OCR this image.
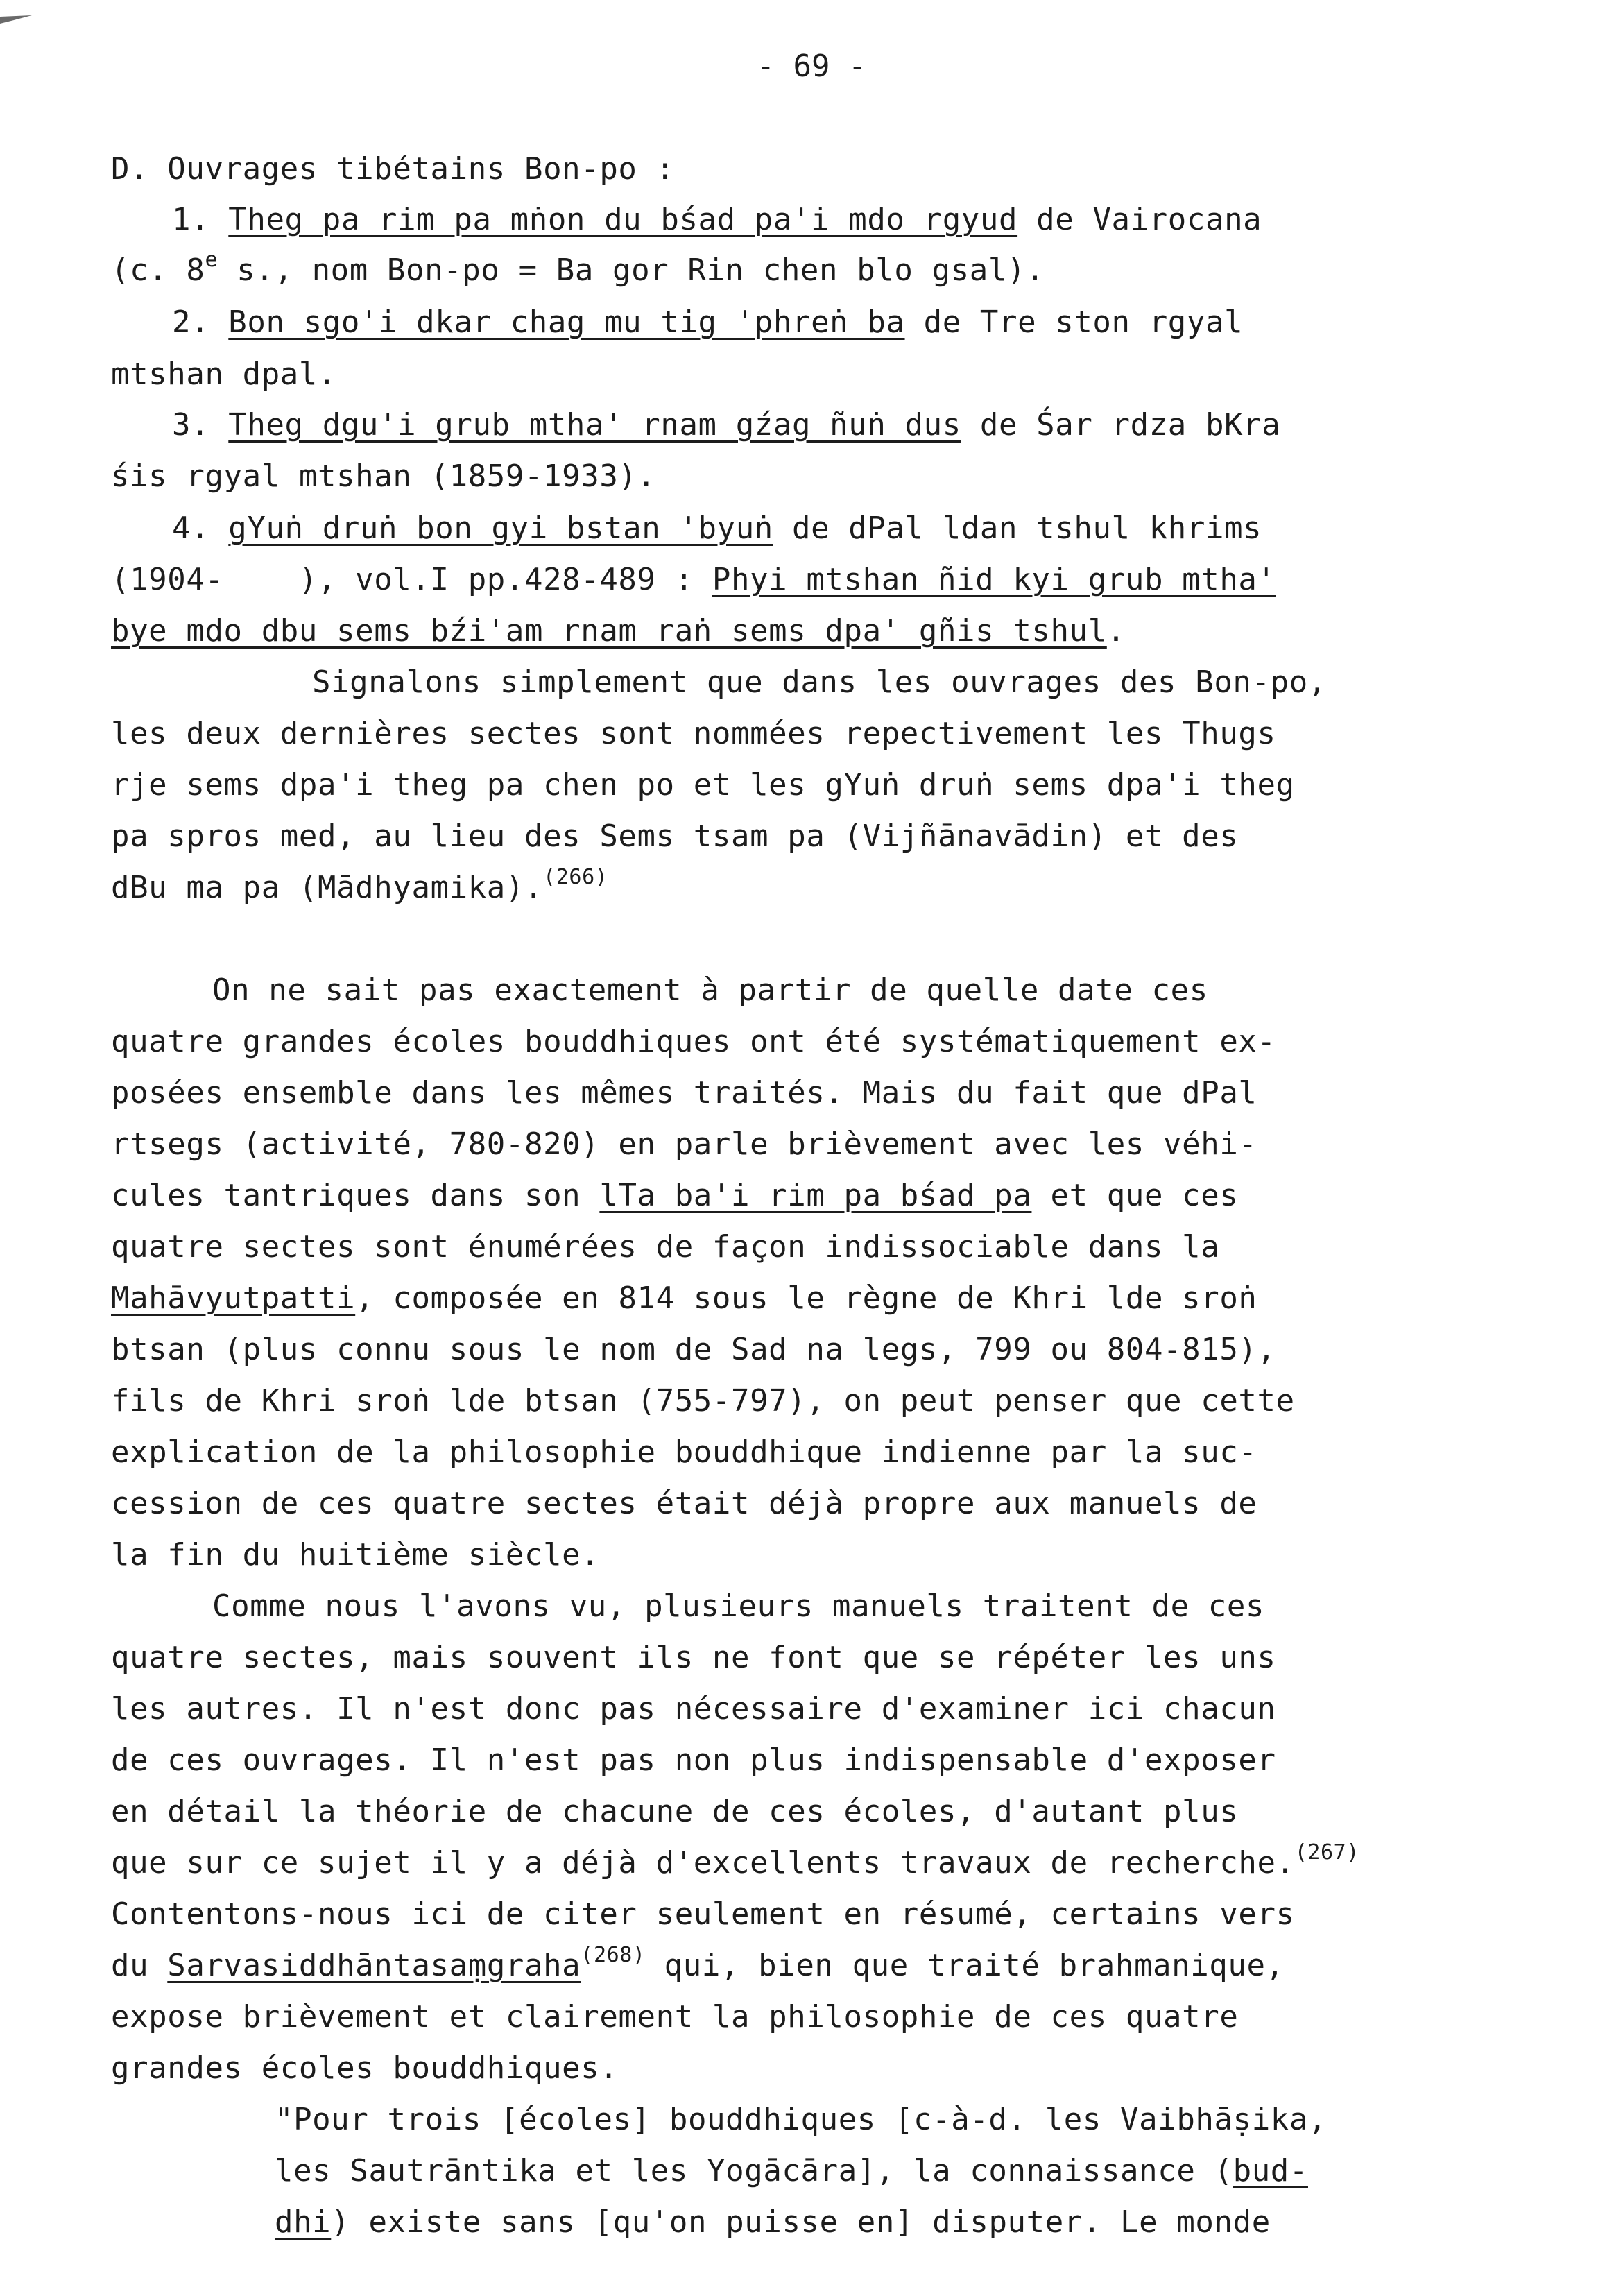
- 69 -
D. Ouvrages tibétains Bon-po :
1. Theg pa rim pa mṅon du bśad pa'i mdo rgyud de Vairocana
(c. 8e s., nom Bon-po = Ba gor Rin chen blo gsal).
2. Bon sgo'i dkar chag mu tig 'phreṅ ba de Tre ston rgyal
mtshan dpal.
3. Theg dgu'i grub mtha' rnam gźag ñuṅ dus de Śar rdza bKra
śis rgyal mtshan (1859-1933).
4. gYuṅ druṅ bon gyi bstan 'byuṅ de dPal ldan tshul khrims
(1904-    ), vol.I pp.428-489 : Phyi mtshan ñid kyi grub mtha'
bye mdo dbu sems bźi'am rnam raṅ sems dpa' gñis tshul.
Signalons simplement que dans les ouvrages des Bon-po,
les deux dernières sectes sont nommées repectivement les Thugs
rje sems dpa'i theg pa chen po et les gYuṅ druṅ sems dpa'i theg
pa spros med, au lieu des Sems tsam pa (Vijñānavādin) et des
dBu ma pa (Mādhyamika).$^{(266)}$
On ne sait pas exactement à partir de quelle date ces
quatre grandes écoles bouddhiques ont été systématiquement ex-
posées ensemble dans les mêmes traités. Mais du fait que dPal
rtsegs (activité, 780-820) en parle brièvement avec les véhi-
cules tantriques dans son lTa ba'i rim pa bśad pa et que ces
quatre sectes sont énumérées de façon indissociable dans la
Mahāvyutpatti, composée en 814 sous le règne de Khri lde sroṅ
btsan (plus connu sous le nom de Sad na legs, 799 ou 804-815),
fils de Khri sroṅ lde btsan (755-797), on peut penser que cette
explication de la philosophie bouddhique indienne par la suc-
cession de ces quatre sectes était déjà propre aux manuels de
la fin du huitième siècle.
Comme nous l'avons vu, plusieurs manuels traitent de ces
quatre sectes, mais souvent ils ne font que se répéter les uns
les autres. Il n'est donc pas nécessaire d'examiner ici chacun
de ces ouvrages. Il n'est pas non plus indispensable d'exposer
en détail la théorie de chacune de ces écoles, d'autant plus
que sur ce sujet il y a déjà d'excellents travaux de recherche.$^{(267)}$
Contentons-nous ici de citer seulement en résumé, certains vers
du Sarvasiddhāntasaṃgraha$^{(268)}$ qui, bien que traité brahmanique,
expose brièvement et clairement la philosophie de ces quatre
grandes écoles bouddhiques.
"Pour trois [écoles] bouddhiques [c-à-d. les Vaibhāṣika,
les Sautrāntika et les Yogācāra], la connaissance (bud-
dhi) existe sans [qu'on puisse en] disputer. Le monde
